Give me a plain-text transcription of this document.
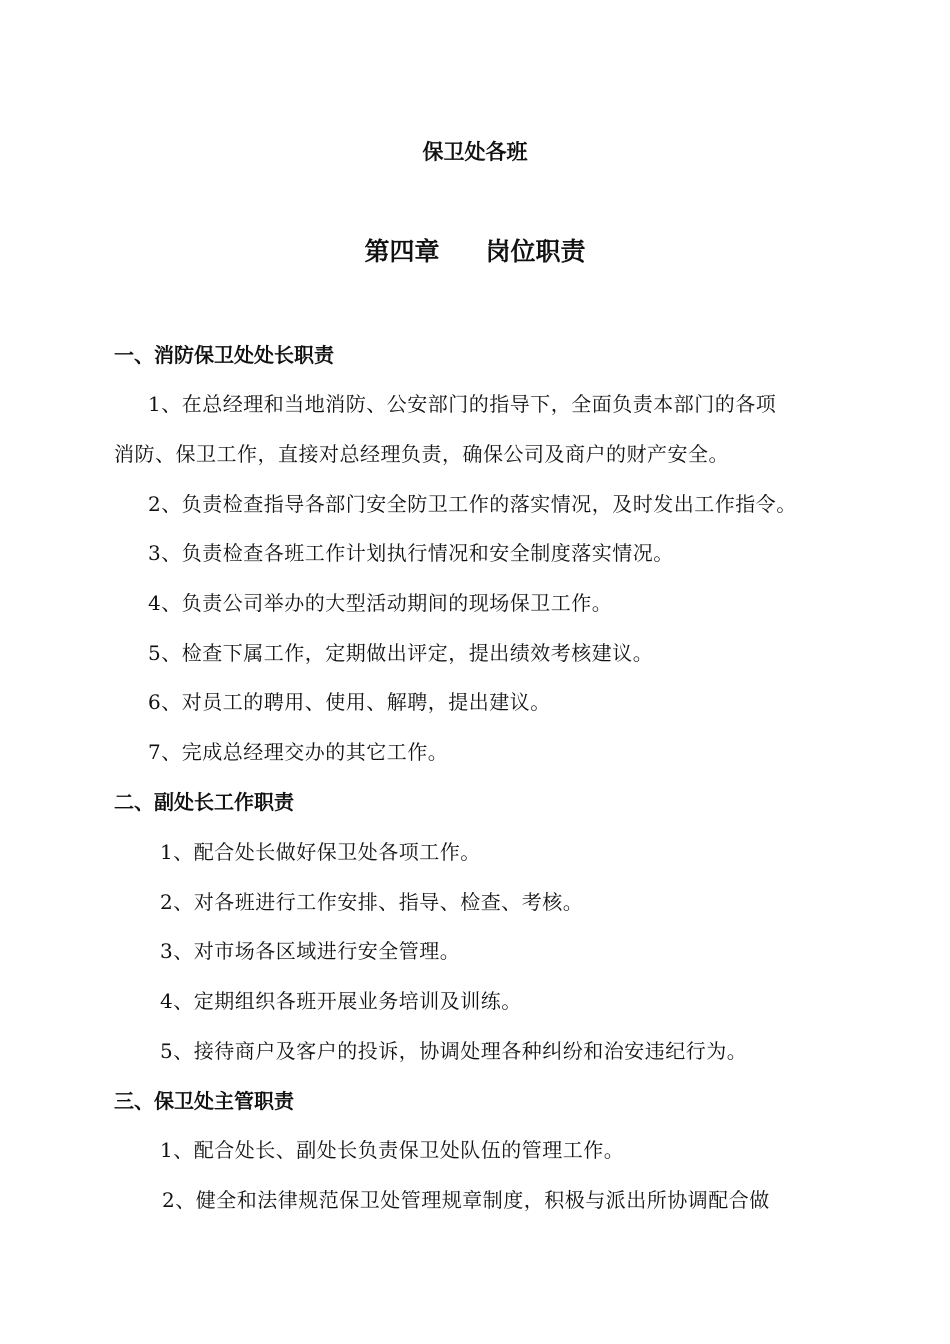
保卫处各班
第四章 岗位职责
一、消防保卫处处长职责
1、在总经理和当地消防、公安部门的指导下，全面负责本部门的各项
消防、保卫工作，直接对总经理负责，确保公司及商户的财产安全。
2、负责检查指导各部门安全防卫工作的落实情况，及时发出工作指令。
3、负责检查各班工作计划执行情况和安全制度落实情况。
4、负责公司举办的大型活动期间的现场保卫工作。
5、检查下属工作，定期做出评定，提出绩效考核建议。
6、对员工的聘用、使用、解聘，提出建议。
7、完成总经理交办的其它工作。
二、副处长工作职责
1、配合处长做好保卫处各项工作。
2、对各班进行工作安排、指导、检查、考核。
3、对市场各区域进行安全管理。
4、定期组织各班开展业务培训及训练。
5、接待商户及客户的投诉，协调处理各种纠纷和治安违纪行为。
三、保卫处主管职责
1、配合处长、副处长负责保卫处队伍的管理工作。
2、健全和法律规范保卫处管理规章制度，积极与派出所协调配合做
